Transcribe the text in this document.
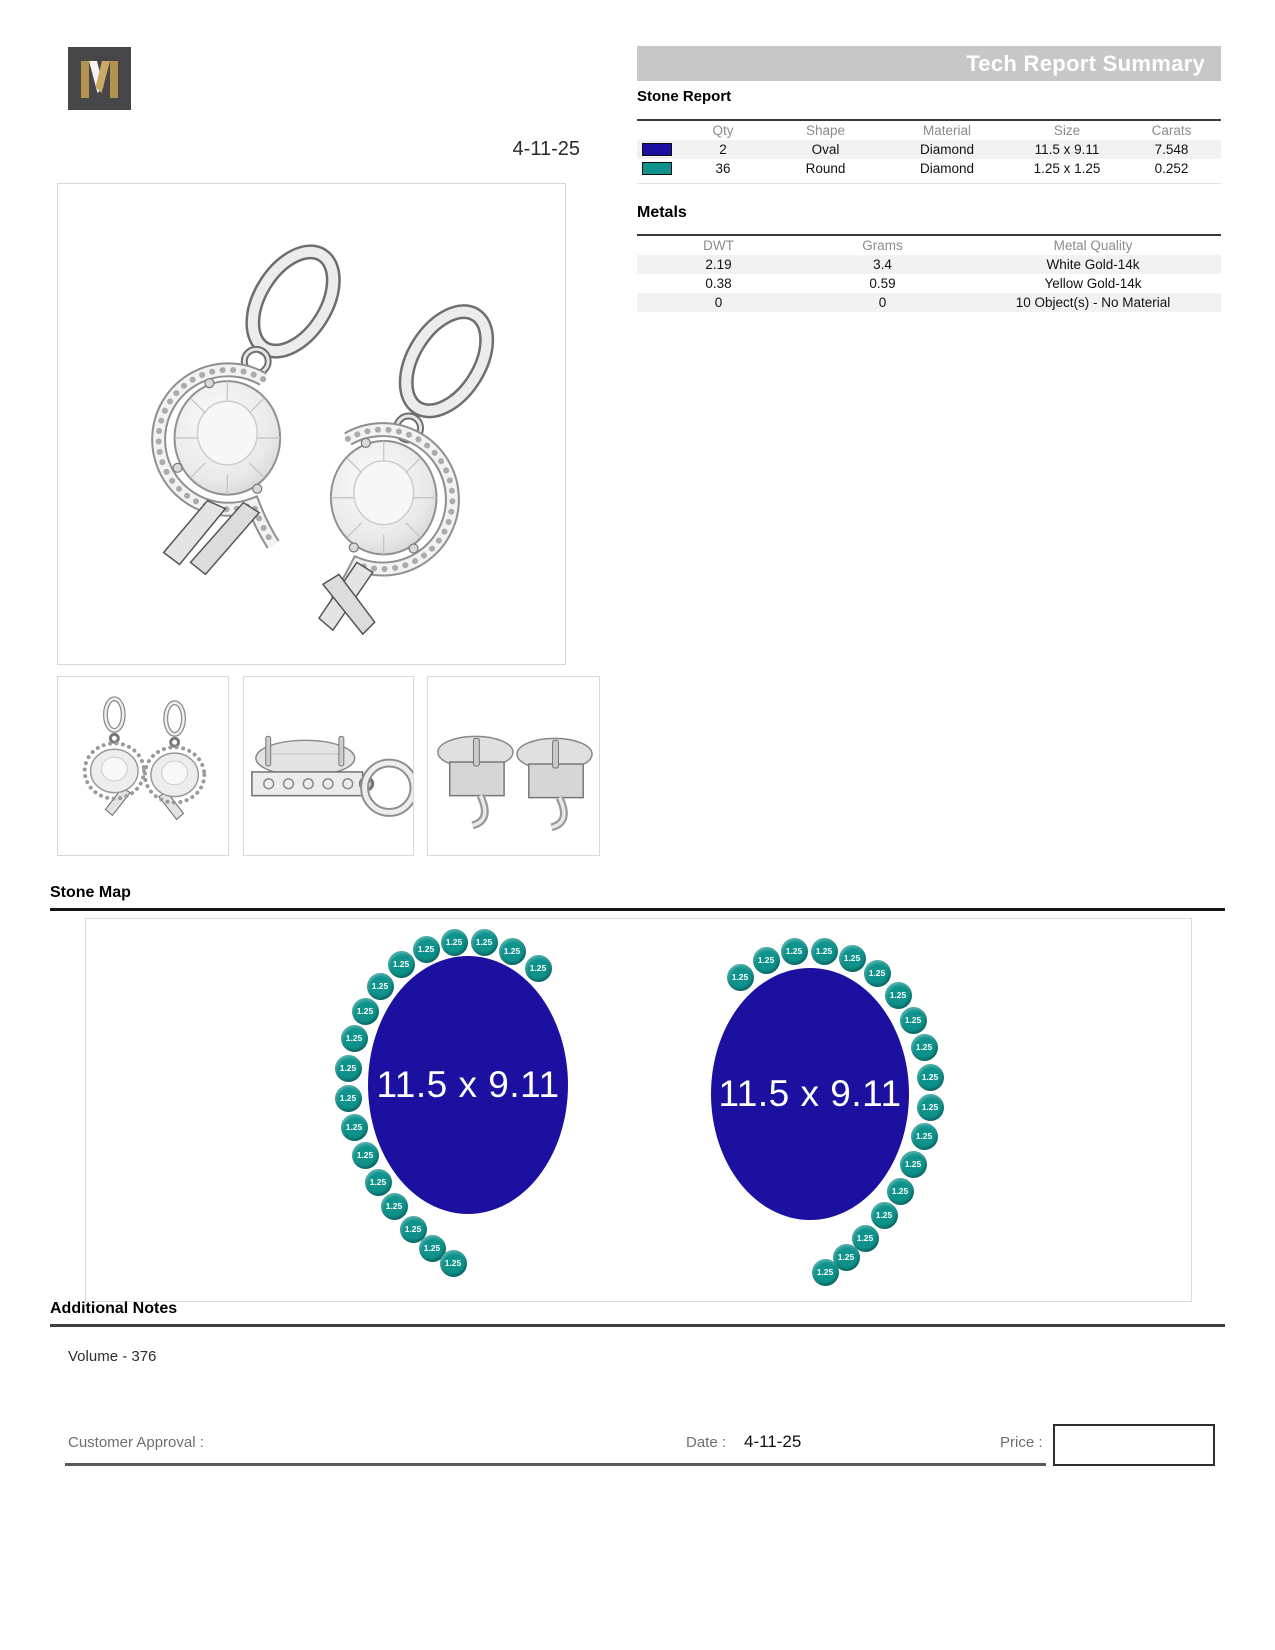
Tech Report Summary
4-11-25
Stone Report
Qty	Shape	Material	Size	Carats
2	Oval	Diamond	11.5 x 9.11	7.548
36	Round	Diamond	1.25 x 1.25	0.252
Metals
DWT	Grams	Metal Quality
2.19	3.4	White Gold-14k
0.38	0.59	Yellow Gold-14k
0	0	10 Object(s) - No Material
Stone Map
11.5 x 9.11
1.25
1.25
1.25
1.25
1.25
1.25
1.25
1.25
1.25
1.25
1.25
1.25
1.25
1.25
1.25
1.25
1.25
1.25
11.5 x 9.11
1.25
1.25
1.25	1.25
1.25
1.25
1.25
1.25
1.25
1.25
1.25
1.25
1.25
1.25
1.25
1.25
1.25
1.25
Additional Notes
Volume - 376
Customer Approval :	Date : 4-11-25	Price :
